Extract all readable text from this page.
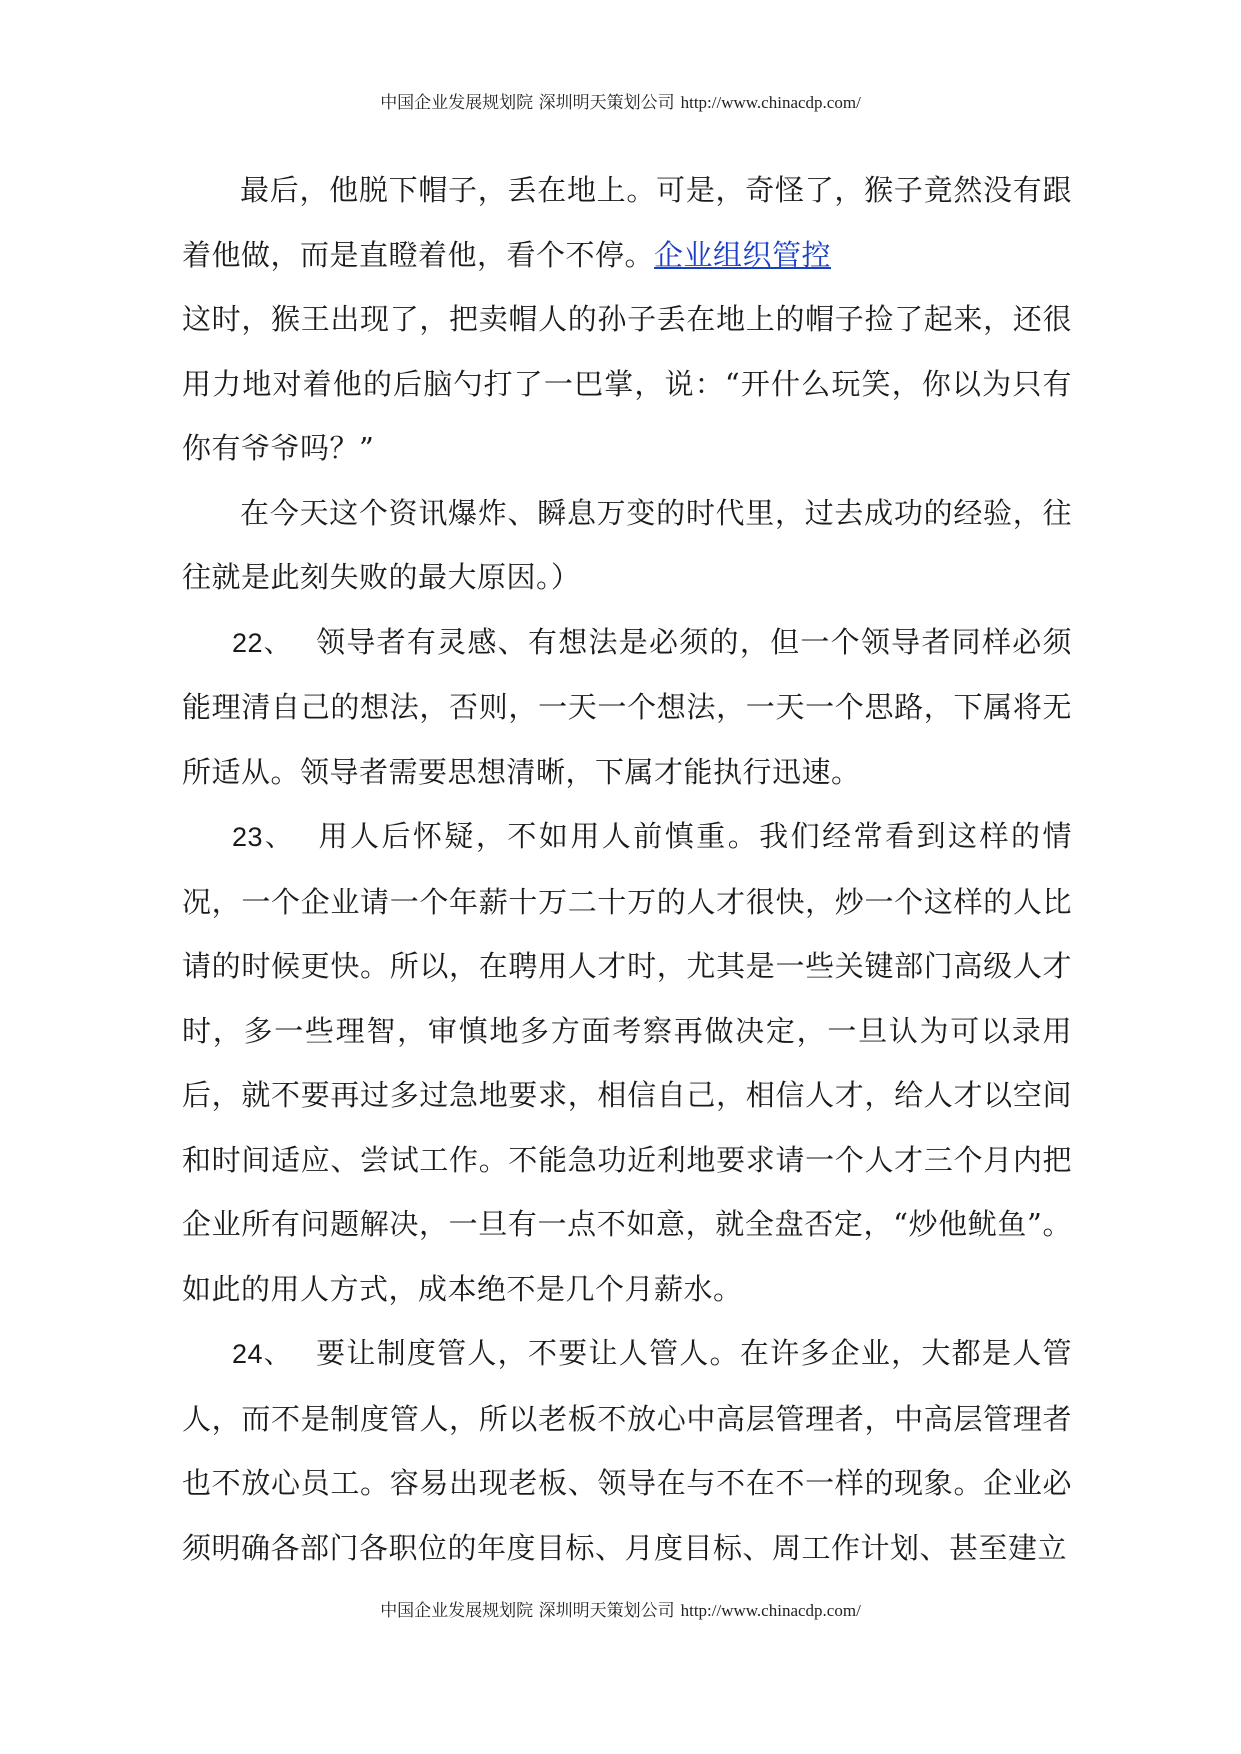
中国企业发展规划院 深圳明天策划公司 http://www.chinacdp.com/

最后，他脱下帽子，丢在地上。可是，奇怪了，猴子竟然没有跟着他做，而是直瞪着他，看个不停。企业组织管控

这时，猴王出现了，把卖帽人的孙子丢在地上的帽子捡了起来，还很用力地对着他的后脑勺打了一巴掌，说：“开什么玩笑，你以为只有你有爷爷吗？”

在今天这个资讯爆炸、瞬息万变的时代里，过去成功的经验，往往就是此刻失败的最大原因。）

22、 领导者有灵感、有想法是必须的，但一个领导者同样必须能理清自己的想法，否则，一天一个想法，一天一个思路，下属将无所适从。领导者需要思想清晰，下属才能执行迅速。

23、 用人后怀疑，不如用人前慎重。我们经常看到这样的情况，一个企业请一个年薪十万二十万的人才很快，炒一个这样的人比请的时候更快。所以，在聘用人才时，尤其是一些关键部门高级人才时，多一些理智，审慎地多方面考察再做决定，一旦认为可以录用后，就不要再过多过急地要求，相信自己，相信人才，给人才以空间和时间适应、尝试工作。不能急功近利地要求请一个人才三个月内把企业所有问题解决，一旦有一点不如意，就全盘否定，“炒他鱿鱼”。如此的用人方式，成本绝不是几个月薪水。

24、 要让制度管人，不要让人管人。在许多企业，大都是人管人，而不是制度管人，所以老板不放心中高层管理者，中高层管理者也不放心员工。容易出现老板、领导在与不在不一样的现象。企业必须明确各部门各职位的年度目标、月度目标、周工作计划、甚至建立

中国企业发展规划院 深圳明天策划公司 http://www.chinacdp.com/
